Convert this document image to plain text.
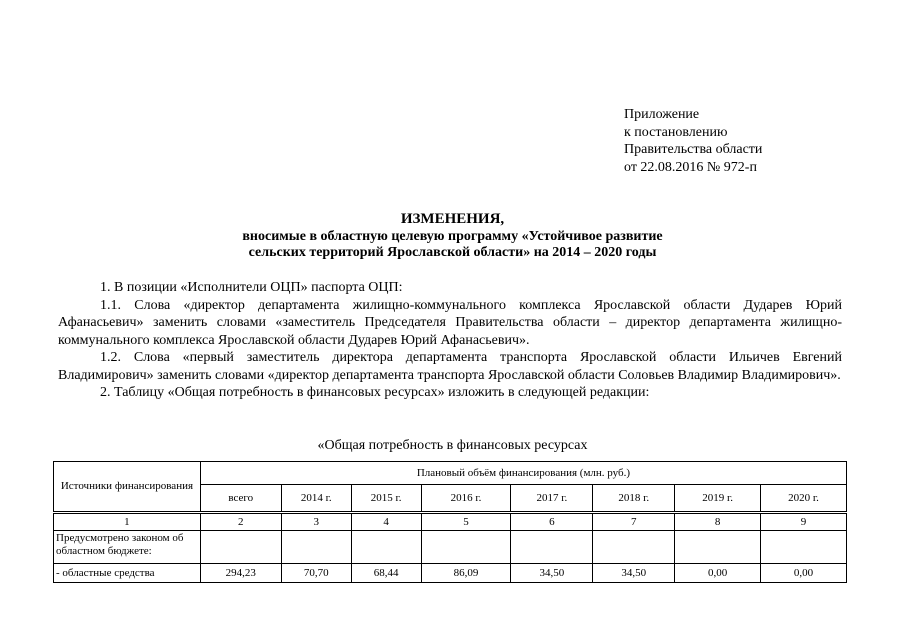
Приложение
к постановлению
Правительства области
от 22.08.2016 № 972-п
ИЗМЕНЕНИЯ,
вносимые в областную целевую программу «Устойчивое развитие
сельских территорий Ярославской области» на 2014 – 2020 годы

1. В позиции «Исполнители ОЦП» паспорта ОЦП:

1.1. Слова «директор департамента жилищно-коммунального комплекса Ярославской области Дударев Юрий Афанасьевич» заменить словами «заместитель Председателя Правительства области – директор департамента жилищно-коммунального комплекса Ярославской области Дударев Юрий Афанасьевич».

1.2. Слова «первый заместитель директора департамента транспорта Ярославской области Ильичев Евгений Владимирович» заменить словами «директор департамента транспорта Ярославской области Соловьев Владимир Владимирович».

2. Таблицу «Общая потребность в финансовых ресурсах» изложить в следующей редакции:

«Общая потребность в финансовых ресурсах
Источники финансирования	Плановый объём финансирования (млн. руб.)							
	всего	2014 г.	2015 г.	2016 г.	2017 г.	2018 г.	2019 г.	2020 г.
1	2	3	4	5	6	7	8	9
Предусмотрено законом об областном бюджете:								
- областные средства	294,23	70,70	68,44	86,09	34,50	34,50	0,00	0,00
